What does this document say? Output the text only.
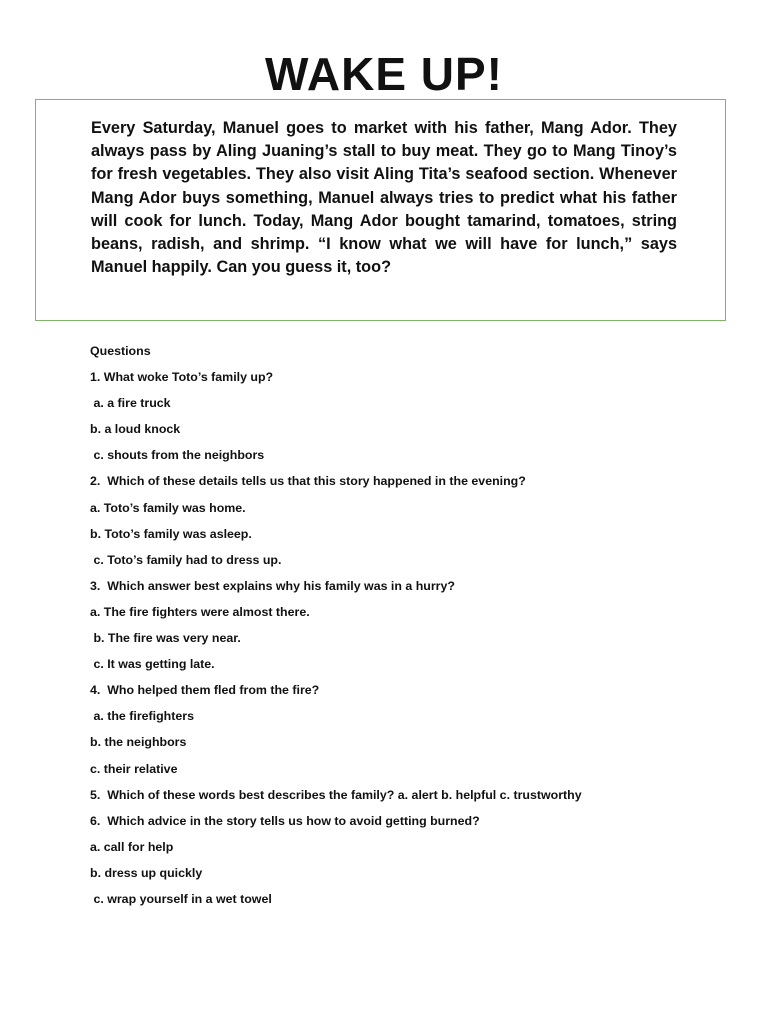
WAKE UP!

Every Saturday, Manuel goes to market with his father, Mang Ador. They always pass by Aling Juaning’s stall to buy meat. They go to Mang Tinoy’s for fresh vegetables. They also visit Aling Tita’s seafood section. Whenever Mang Ador buys something, Manuel always tries to predict what his father will cook for lunch. Today, Mang Ador bought tamarind, tomatoes, string beans, radish, and shrimp. “I know what we will have for lunch,” says Manuel happily. Can you guess it, too?

Questions
1. What woke Toto’s family up?
a. a fire truck
b. a loud knock
c. shouts from the neighbors
2.  Which of these details tells us that this story happened in the evening?
a. Toto’s family was home.
b. Toto’s family was asleep.
c. Toto’s family had to dress up.
3.  Which answer best explains why his family was in a hurry?
a. The fire fighters were almost there.
b. The fire was very near.
c. It was getting late.
4.  Who helped them fled from the fire?
a. the firefighters
b. the neighbors
c. their relative
5.  Which of these words best describes the family? a. alert b. helpful c. trustworthy
6.  Which advice in the story tells us how to avoid getting burned?
a. call for help
b. dress up quickly
c. wrap yourself in a wet towel
